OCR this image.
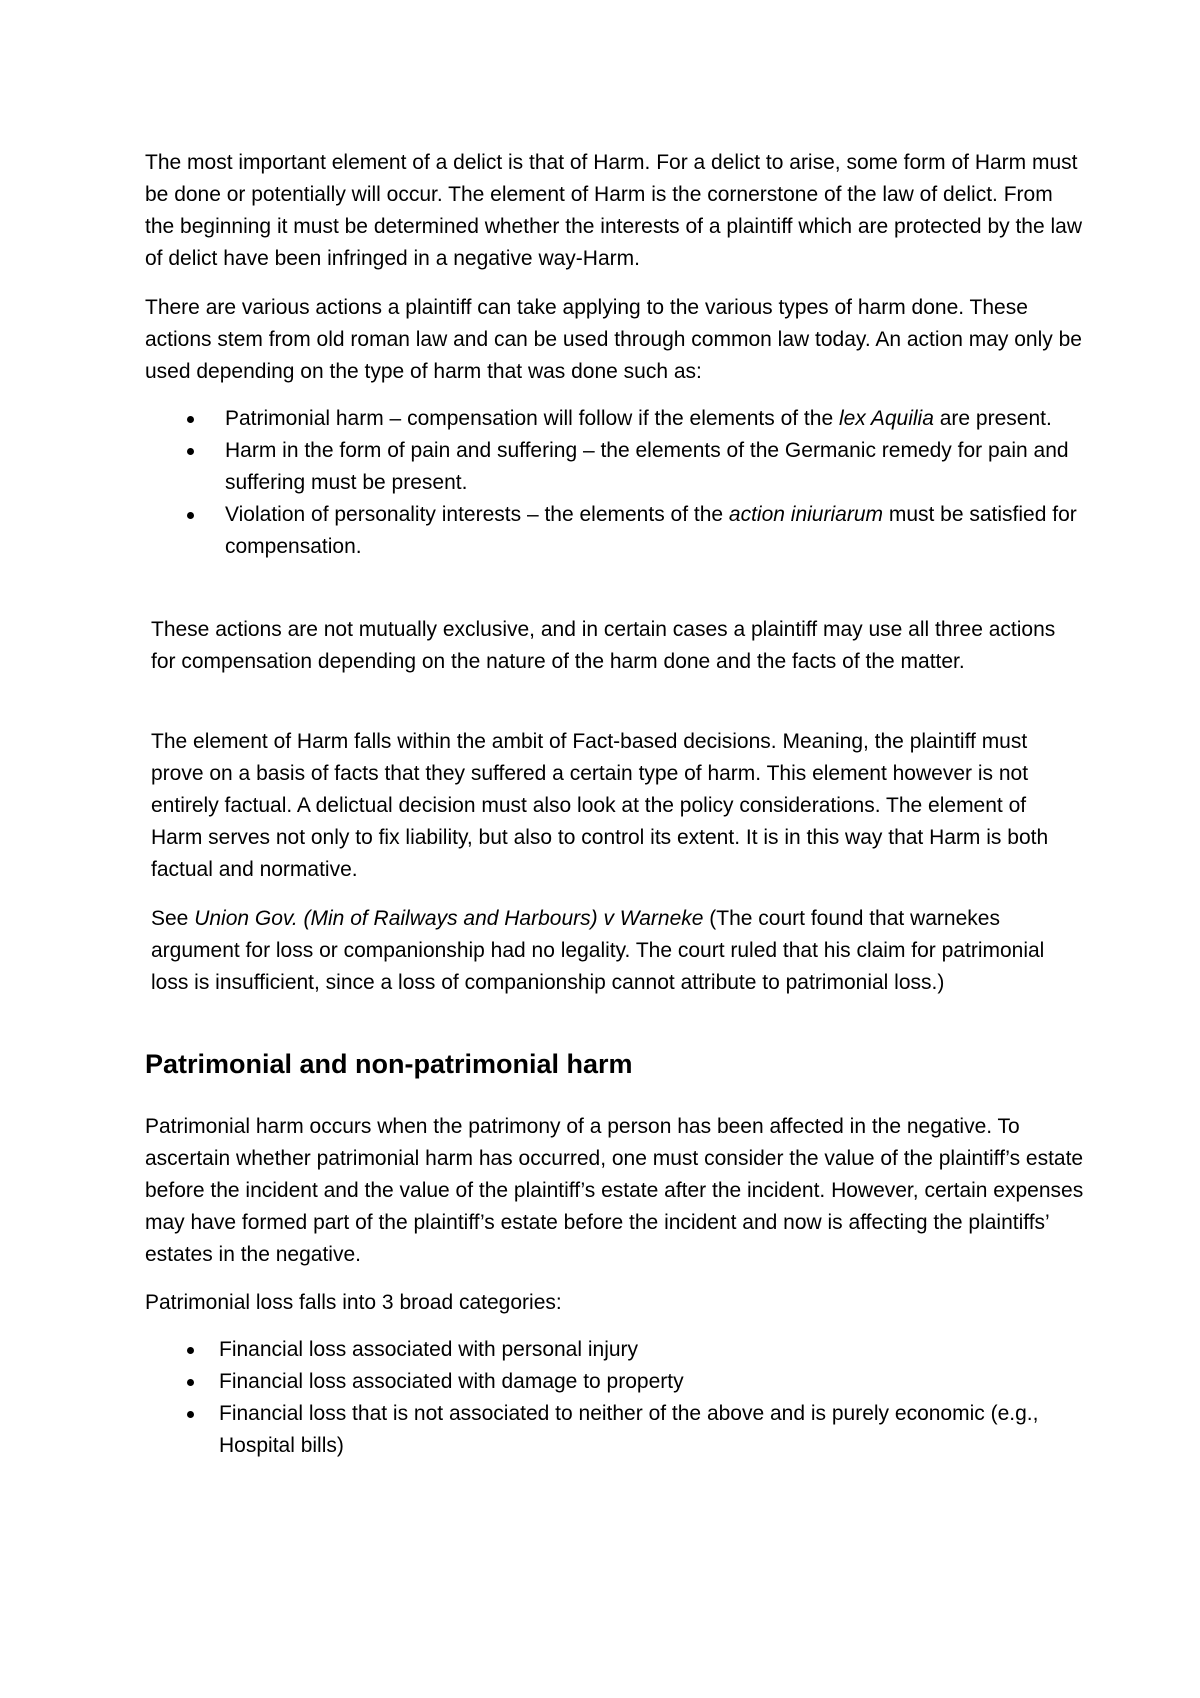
The most important element of a delict is that of Harm. For a delict to arise, some form of Harm must be done or potentially will occur. The element of Harm is the cornerstone of the law of delict. From the beginning it must be determined whether the interests of a plaintiff which are protected by the law of delict have been infringed in a negative way-Harm.

There are various actions a plaintiff can take applying to the various types of harm done. These actions stem from old roman law and can be used through common law today. An action may only be used depending on the type of harm that was done such as:

Patrimonial harm – compensation will follow if the elements of the lex Aquilia are present.
Harm in the form of pain and suffering – the elements of the Germanic remedy for pain and suffering must be present.
Violation of personality interests – the elements of the action iniuriarum must be satisfied for compensation.

These actions are not mutually exclusive, and in certain cases a plaintiff may use all three actions for compensation depending on the nature of the harm done and the facts of the matter.

The element of Harm falls within the ambit of Fact-based decisions. Meaning, the plaintiff must prove on a basis of facts that they suffered a certain type of harm. This element however is not entirely factual. A delictual decision must also look at the policy considerations. The element of Harm serves not only to fix liability, but also to control its extent. It is in this way that Harm is both factual and normative.

See Union Gov. (Min of Railways and Harbours) v Warneke (The court found that warnekes argument for loss or companionship had no legality. The court ruled that his claim for patrimonial loss is insufficient, since a loss of companionship cannot attribute to patrimonial loss.)

Patrimonial and non-patrimonial harm

Patrimonial harm occurs when the patrimony of a person has been affected in the negative. To ascertain whether patrimonial harm has occurred, one must consider the value of the plaintiff’s estate before the incident and the value of the plaintiff’s estate after the incident. However, certain expenses may have formed part of the plaintiff’s estate before the incident and now is affecting the plaintiffs’ estates in the negative.

Patrimonial loss falls into 3 broad categories:

Financial loss associated with personal injury
Financial loss associated with damage to property
Financial loss that is not associated to neither of the above and is purely economic (e.g., Hospital bills)
